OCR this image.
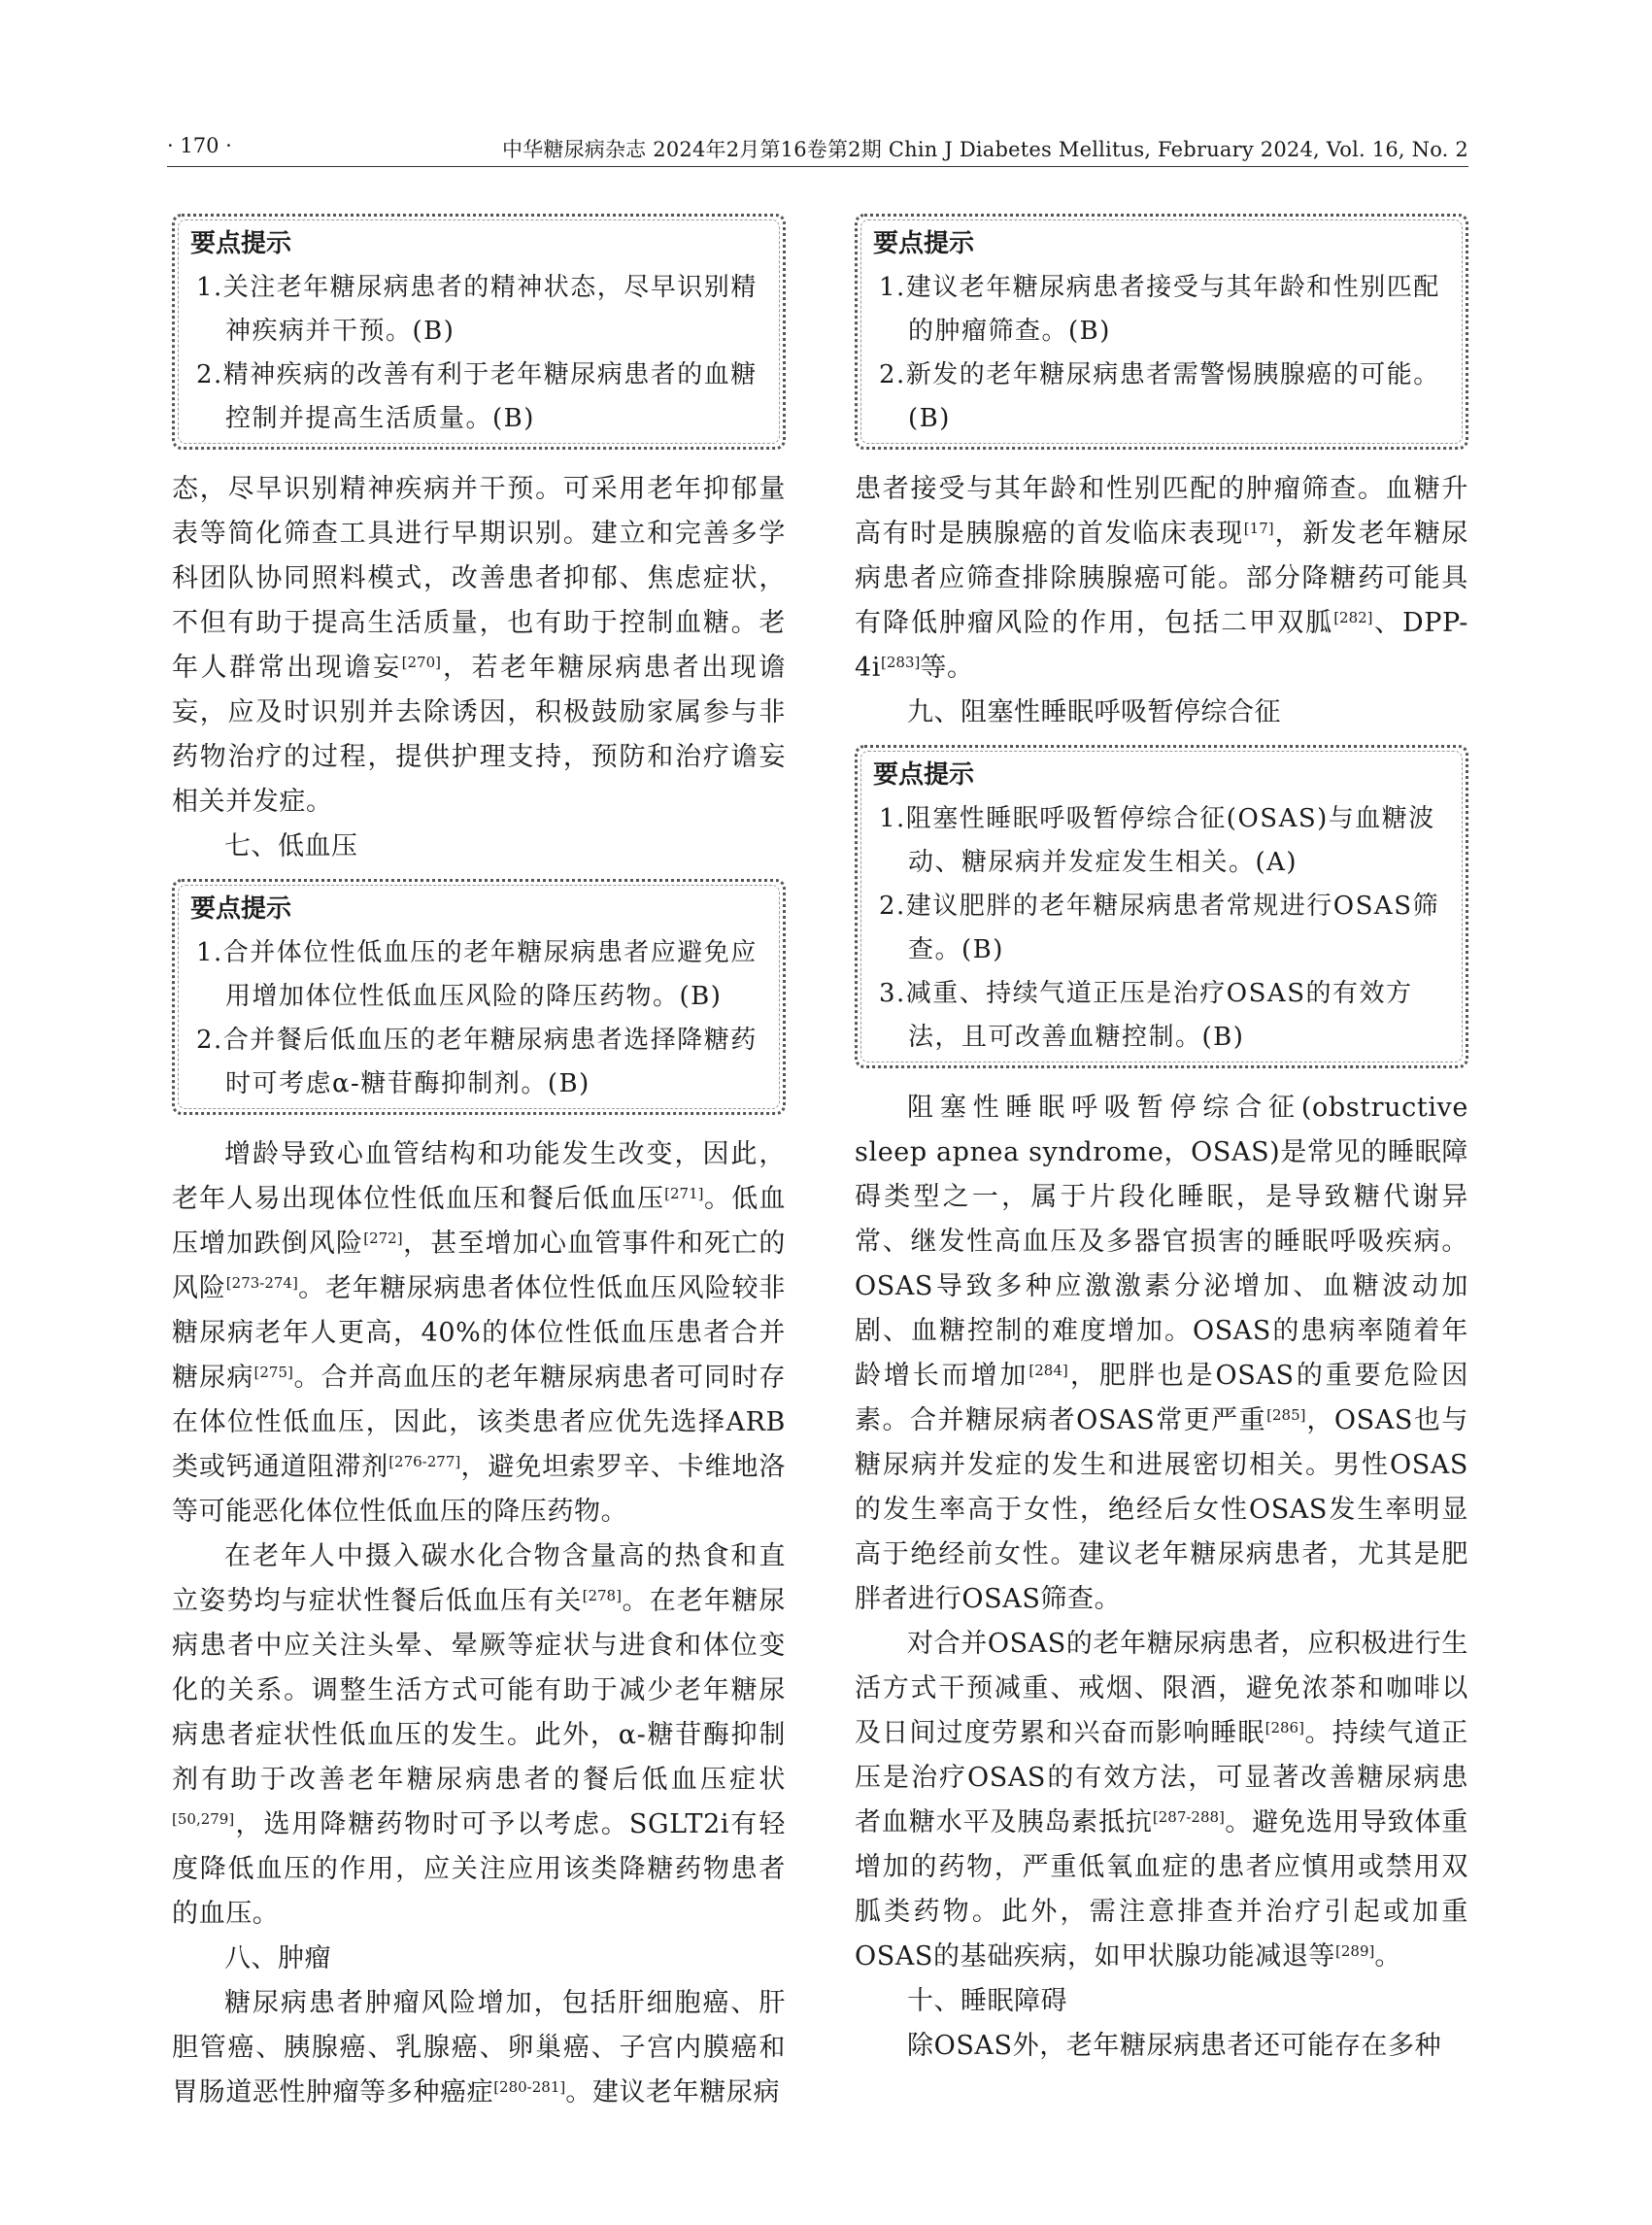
· 170 ·	中华糖尿病杂志 2024年2月第16卷第2期 Chin J Diabetes Mellitus, February 2024, Vol. 16, No. 2
要点提示
1.关注老年糖尿病患者的精神状态，尽早识别精神疾病并干预。(B)
2.精神疾病的改善有利于老年糖尿病患者的血糖控制并提高生活质量。(B)

态，尽早识别精神疾病并干预。可采用老年抑郁量表等简化筛查工具进行早期识别。建立和完善多学科团队协同照料模式，改善患者抑郁、焦虑症状，不但有助于提高生活质量，也有助于控制血糖。老年人群常出现谵妄[270]，若老年糖尿病患者出现谵妄，应及时识别并去除诱因，积极鼓励家属参与非药物治疗的过程，提供护理支持，预防和治疗谵妄相关并发症。

七、低血压

要点提示
1.合并体位性低血压的老年糖尿病患者应避免应用增加体位性低血压风险的降压药物。(B)
2.合并餐后低血压的老年糖尿病患者选择降糖药时可考虑α-糖苷酶抑制剂。(B)

增龄导致心血管结构和功能发生改变，因此，老年人易出现体位性低血压和餐后低血压[271]。低血压增加跌倒风险[272]，甚至增加心血管事件和死亡的风险[273-274]。老年糖尿病患者体位性低血压风险较非糖尿病老年人更高，40%的体位性低血压患者合并糖尿病[275]。合并高血压的老年糖尿病患者可同时存在体位性低血压，因此，该类患者应优先选择ARB类或钙通道阻滞剂[276-277]，避免坦索罗辛、卡维地洛等可能恶化体位性低血压的降压药物。

在老年人中摄入碳水化合物含量高的热食和直立姿势均与症状性餐后低血压有关[278]。在老年糖尿病患者中应关注头晕、晕厥等症状与进食和体位变化的关系。调整生活方式可能有助于减少老年糖尿病患者症状性低血压的发生。此外，α-糖苷酶抑制剂有助于改善老年糖尿病患者的餐后低血压症状[50,279]，选用降糖药物时可予以考虑。SGLT2i有轻度降低血压的作用，应关注应用该类降糖药物患者的血压。

八、肿瘤

糖尿病患者肿瘤风险增加，包括肝细胞癌、肝胆管癌、胰腺癌、乳腺癌、卵巢癌、子宫内膜癌和胃肠道恶性肿瘤等多种癌症[280-281]。建议老年糖尿病

要点提示
1.建议老年糖尿病患者接受与其年龄和性别匹配的肿瘤筛查。(B)
2.新发的老年糖尿病患者需警惕胰腺癌的可能。(B)

患者接受与其年龄和性别匹配的肿瘤筛查。血糖升高有时是胰腺癌的首发临床表现[17]，新发老年糖尿病患者应筛查排除胰腺癌可能。部分降糖药可能具有降低肿瘤风险的作用，包括二甲双胍[282]、DPP-4i[283]等。

九、阻塞性睡眠呼吸暂停综合征

要点提示
1.阻塞性睡眠呼吸暂停综合征(OSAS)与血糖波动、糖尿病并发症发生相关。(A)
2.建议肥胖的老年糖尿病患者常规进行OSAS筛查。(B)
3.减重、持续气道正压是治疗OSAS的有效方法，且可改善血糖控制。(B)

阻塞性睡眠呼吸暂停综合征(obstructive sleep apnea syndrome，OSAS)是常见的睡眠障碍类型之一，属于片段化睡眠，是导致糖代谢异常、继发性高血压及多器官损害的睡眠呼吸疾病。OSAS导致多种应激激素分泌增加、血糖波动加剧、血糖控制的难度增加。OSAS的患病率随着年龄增长而增加[284]，肥胖也是OSAS的重要危险因素。合并糖尿病者OSAS常更严重[285]，OSAS也与糖尿病并发症的发生和进展密切相关。男性OSAS的发生率高于女性，绝经后女性OSAS发生率明显高于绝经前女性。建议老年糖尿病患者，尤其是肥胖者进行OSAS筛查。

对合并OSAS的老年糖尿病患者，应积极进行生活方式干预减重、戒烟、限酒，避免浓茶和咖啡以及日间过度劳累和兴奋而影响睡眠[286]。持续气道正压是治疗OSAS的有效方法，可显著改善糖尿病患者血糖水平及胰岛素抵抗[287-288]。避免选用导致体重增加的药物，严重低氧血症的患者应慎用或禁用双胍类药物。此外，需注意排查并治疗引起或加重OSAS的基础疾病，如甲状腺功能减退等[289]。

十、睡眠障碍

除OSAS外，老年糖尿病患者还可能存在多种
